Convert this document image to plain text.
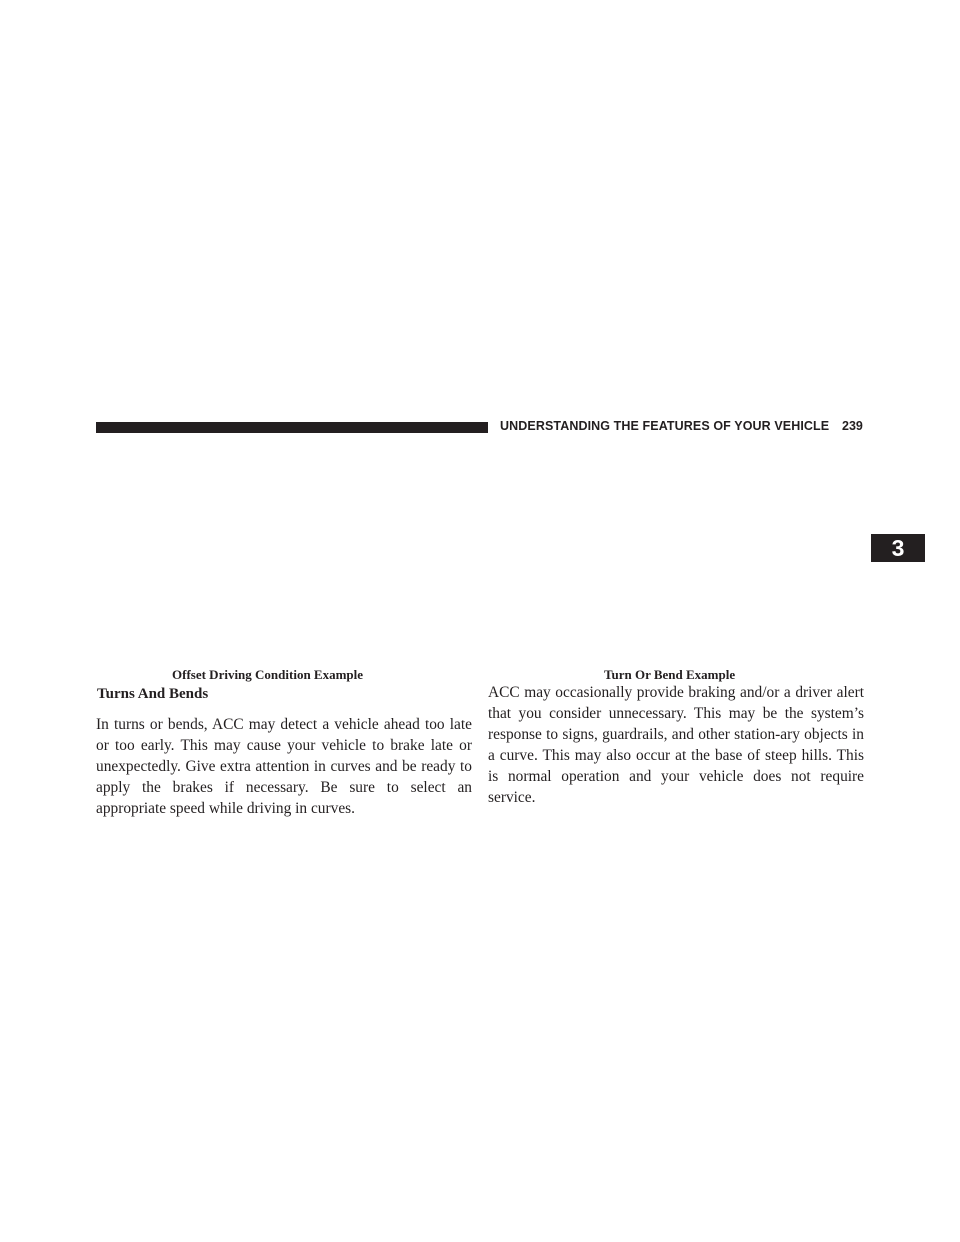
UNDERSTANDING THE FEATURES OF YOUR VEHICLE 239
3
Offset Driving Condition Example	Turn Or Bend Example
Turns And Bends

In turns or bends, ACC may detect a vehicle ahead too late or too early. This may cause your vehicle to brake late or unexpectedly. Give extra attention in curves and be ready to apply the brakes if necessary. Be sure to select an appropriate speed while driving in curves.

ACC may occasionally provide braking and/or a driver alert that you consider unnecessary. This may be the system’s response to signs, guardrails, and other station-ary objects in a curve. This may also occur at the base of steep hills. This is normal operation and your vehicle does not require service.
